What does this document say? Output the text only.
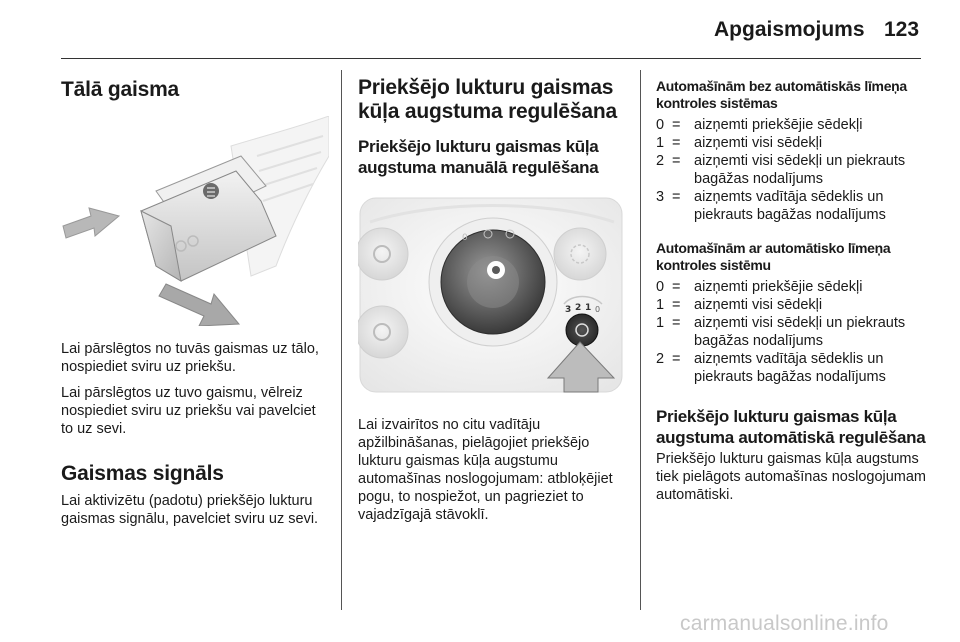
Apgaismojums 123
Tālā gaisma

Lai pārslēgtos no tuvās gaismas uz tālo, nospiediet sviru uz priekšu.

Lai pārslēgtos uz tuvo gaismu, vēlreiz nospiediet sviru uz priekšu vai pavelciet to uz sevi.

Gaismas signāls

Lai aktivizētu (padotu) priekšējo lukturu gaismas signālu, pavelciet sviru uz sevi.

Priekšējo lukturu gaismas kūļa augstuma regulēšana
Priekšējo lukturu gaismas kūļa augstuma manuālā regulēšana
0
3 2 1 0

Lai izvairītos no citu vadītāju apžilbināšanas, pielāgojiet priekšējo lukturu gaismas kūļa augstumu automašīnas noslogojumam: atbloķējiet pogu, to nospiežot, un pagrieziet to vajadzīgajā stāvoklī.

Automašīnām bez automātiskās līmeņa kontroles sistēmas
0 = aizņemti priekšējie sēdekļi
1 = aizņemti visi sēdekļi
2 = aizņemti visi sēdekļi un piekrauts bagāžas nodalījums
3 = aizņemts vadītāja sēdeklis un piekrauts bagāžas nodalījums
Automašīnām ar automātisko līmeņa kontroles sistēmu
0 = aizņemti priekšējie sēdekļi
1 = aizņemti visi sēdekļi
1 = aizņemti visi sēdekļi un piekrauts bagāžas nodalījums
2 = aizņemts vadītāja sēdeklis un piekrauts bagāžas nodalījums
Priekšējo lukturu gaismas kūļa augstuma automātiskā regulēšana

Priekšējo lukturu gaismas kūļa augstums tiek pielāgots automašīnas noslogojumam automātiski.

carmanualsonline.info
